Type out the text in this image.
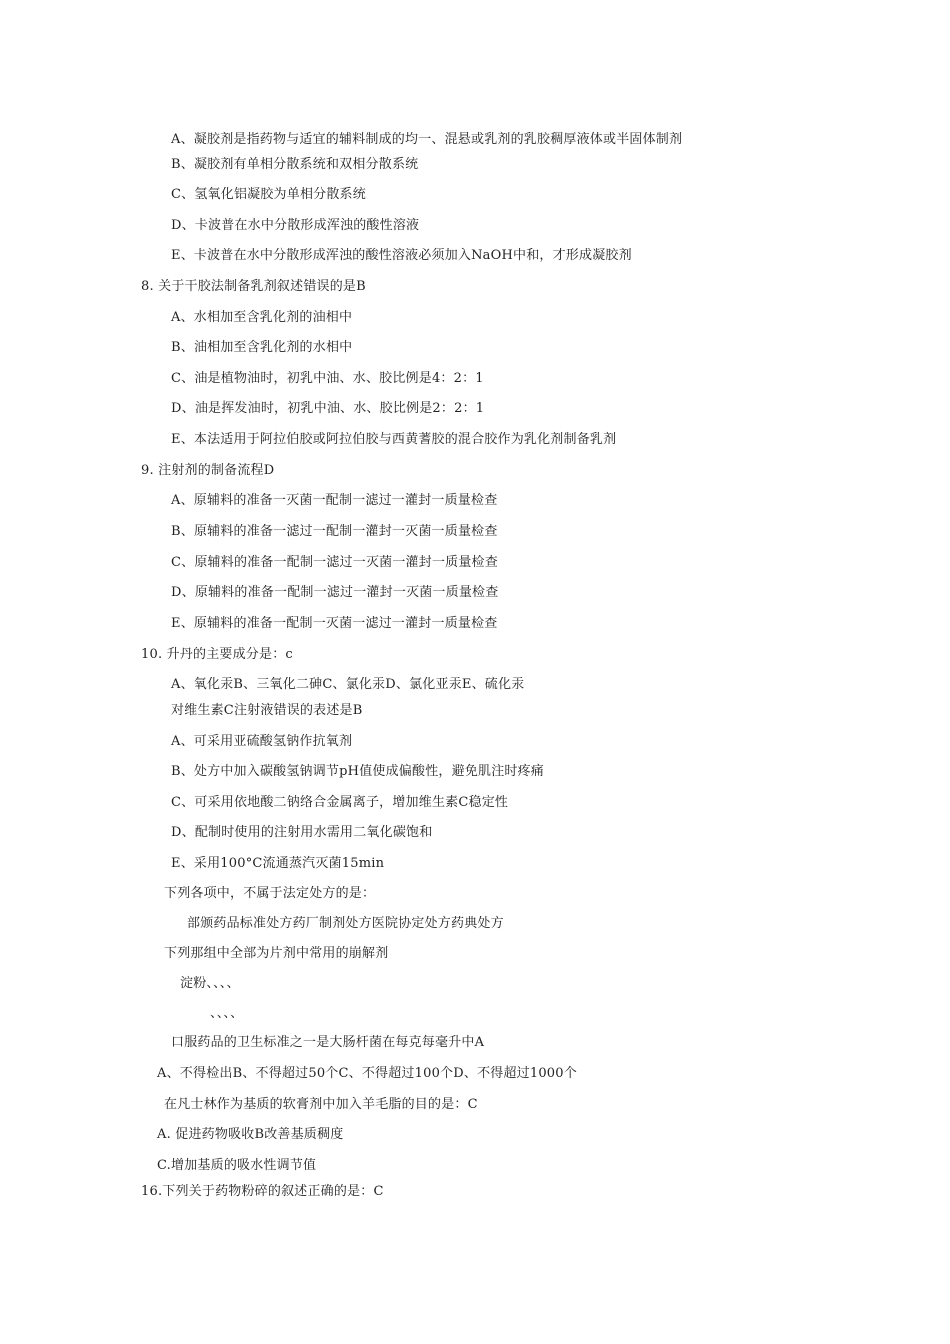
A、凝胶剂是指药物与适宜的辅料制成的均一、混悬或乳剂的乳胶稠厚液体或半固体制剂
B、凝胶剂有单相分散系统和双相分散系统
C、氢氧化铝凝胶为单相分散系统
D、卡波普在水中分散形成浑浊的酸性溶液
E、卡波普在水中分散形成浑浊的酸性溶液必须加入NaOH中和，才形成凝胶剂
8. 关于干胶法制备乳剂叙述错误的是B
A、水相加至含乳化剂的油相中
B、油相加至含乳化剂的水相中
C、油是植物油时，初乳中油、水、胶比例是4：2：1
D、油是挥发油时，初乳中油、水、胶比例是2：2：1
E、本法适用于阿拉伯胶或阿拉伯胶与西黄蓍胶的混合胶作为乳化剂制备乳剂
9. 注射剂的制备流程D
A、原辅料的准备一灭菌一配制一滤过一灌封一质量检查
B、原辅料的准备一滤过一配制一灌封一灭菌一质量检查
C、原辅料的准备一配制一滤过一灭菌一灌封一质量检查
D、原辅料的准备一配制一滤过一灌封一灭菌一质量检查
E、原辅料的准备一配制一灭菌一滤过一灌封一质量检查
10. 升丹的主要成分是：c
A、氧化汞B、三氧化二砷C、氯化汞D、氯化亚汞E、硫化汞
对维生素C注射液错误的表述是B
A、可采用亚硫酸氢钠作抗氧剂
B、处方中加入碳酸氢钠调节pH值使成偏酸性，避免肌注时疼痛
C、可采用依地酸二钠络合金属离子，增加维生素C稳定性
D、配制时使用的注射用水需用二氧化碳饱和
E、采用100°C流通蒸汽灭菌15min
下列各项中，不属于法定处方的是：
部颁药品标准处方药厂制剂处方医院协定处方药典处方
下列那组中全部为片剂中常用的崩解剂
淀粉、、、、
、、、、
口服药品的卫生标准之一是大肠杆菌在每克每毫升中A
A、不得检出B、不得超过50个C、不得超过100个D、不得超过1000个
在凡士林作为基质的软膏剂中加入羊毛脂的目的是：C
A. 促进药物吸收B改善基质稠度
C.增加基质的吸水性调节值
16.下列关于药物粉碎的叙述正确的是：C
